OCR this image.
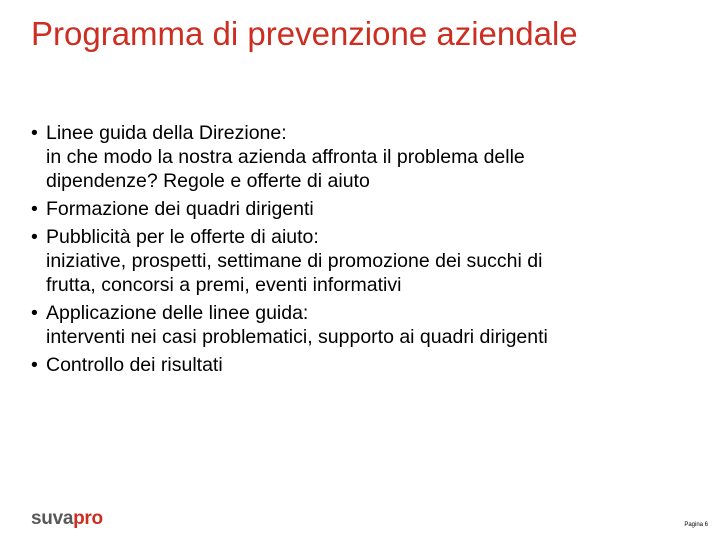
Programma di prevenzione aziendale
• Linee guida della Direzione:
in che modo la nostra azienda affronta il problema delle
dipendenze? Regole e offerte di aiuto
• Formazione dei quadri dirigenti
• Pubblicità per le offerte di aiuto:
iniziative, prospetti, settimane di promozione dei succhi di
frutta, concorsi a premi, eventi informativi
• Applicazione delle linee guida:
interventi nei casi problematici, supporto ai quadri dirigenti
• Controllo dei risultati
suvapro	Pagina 6
